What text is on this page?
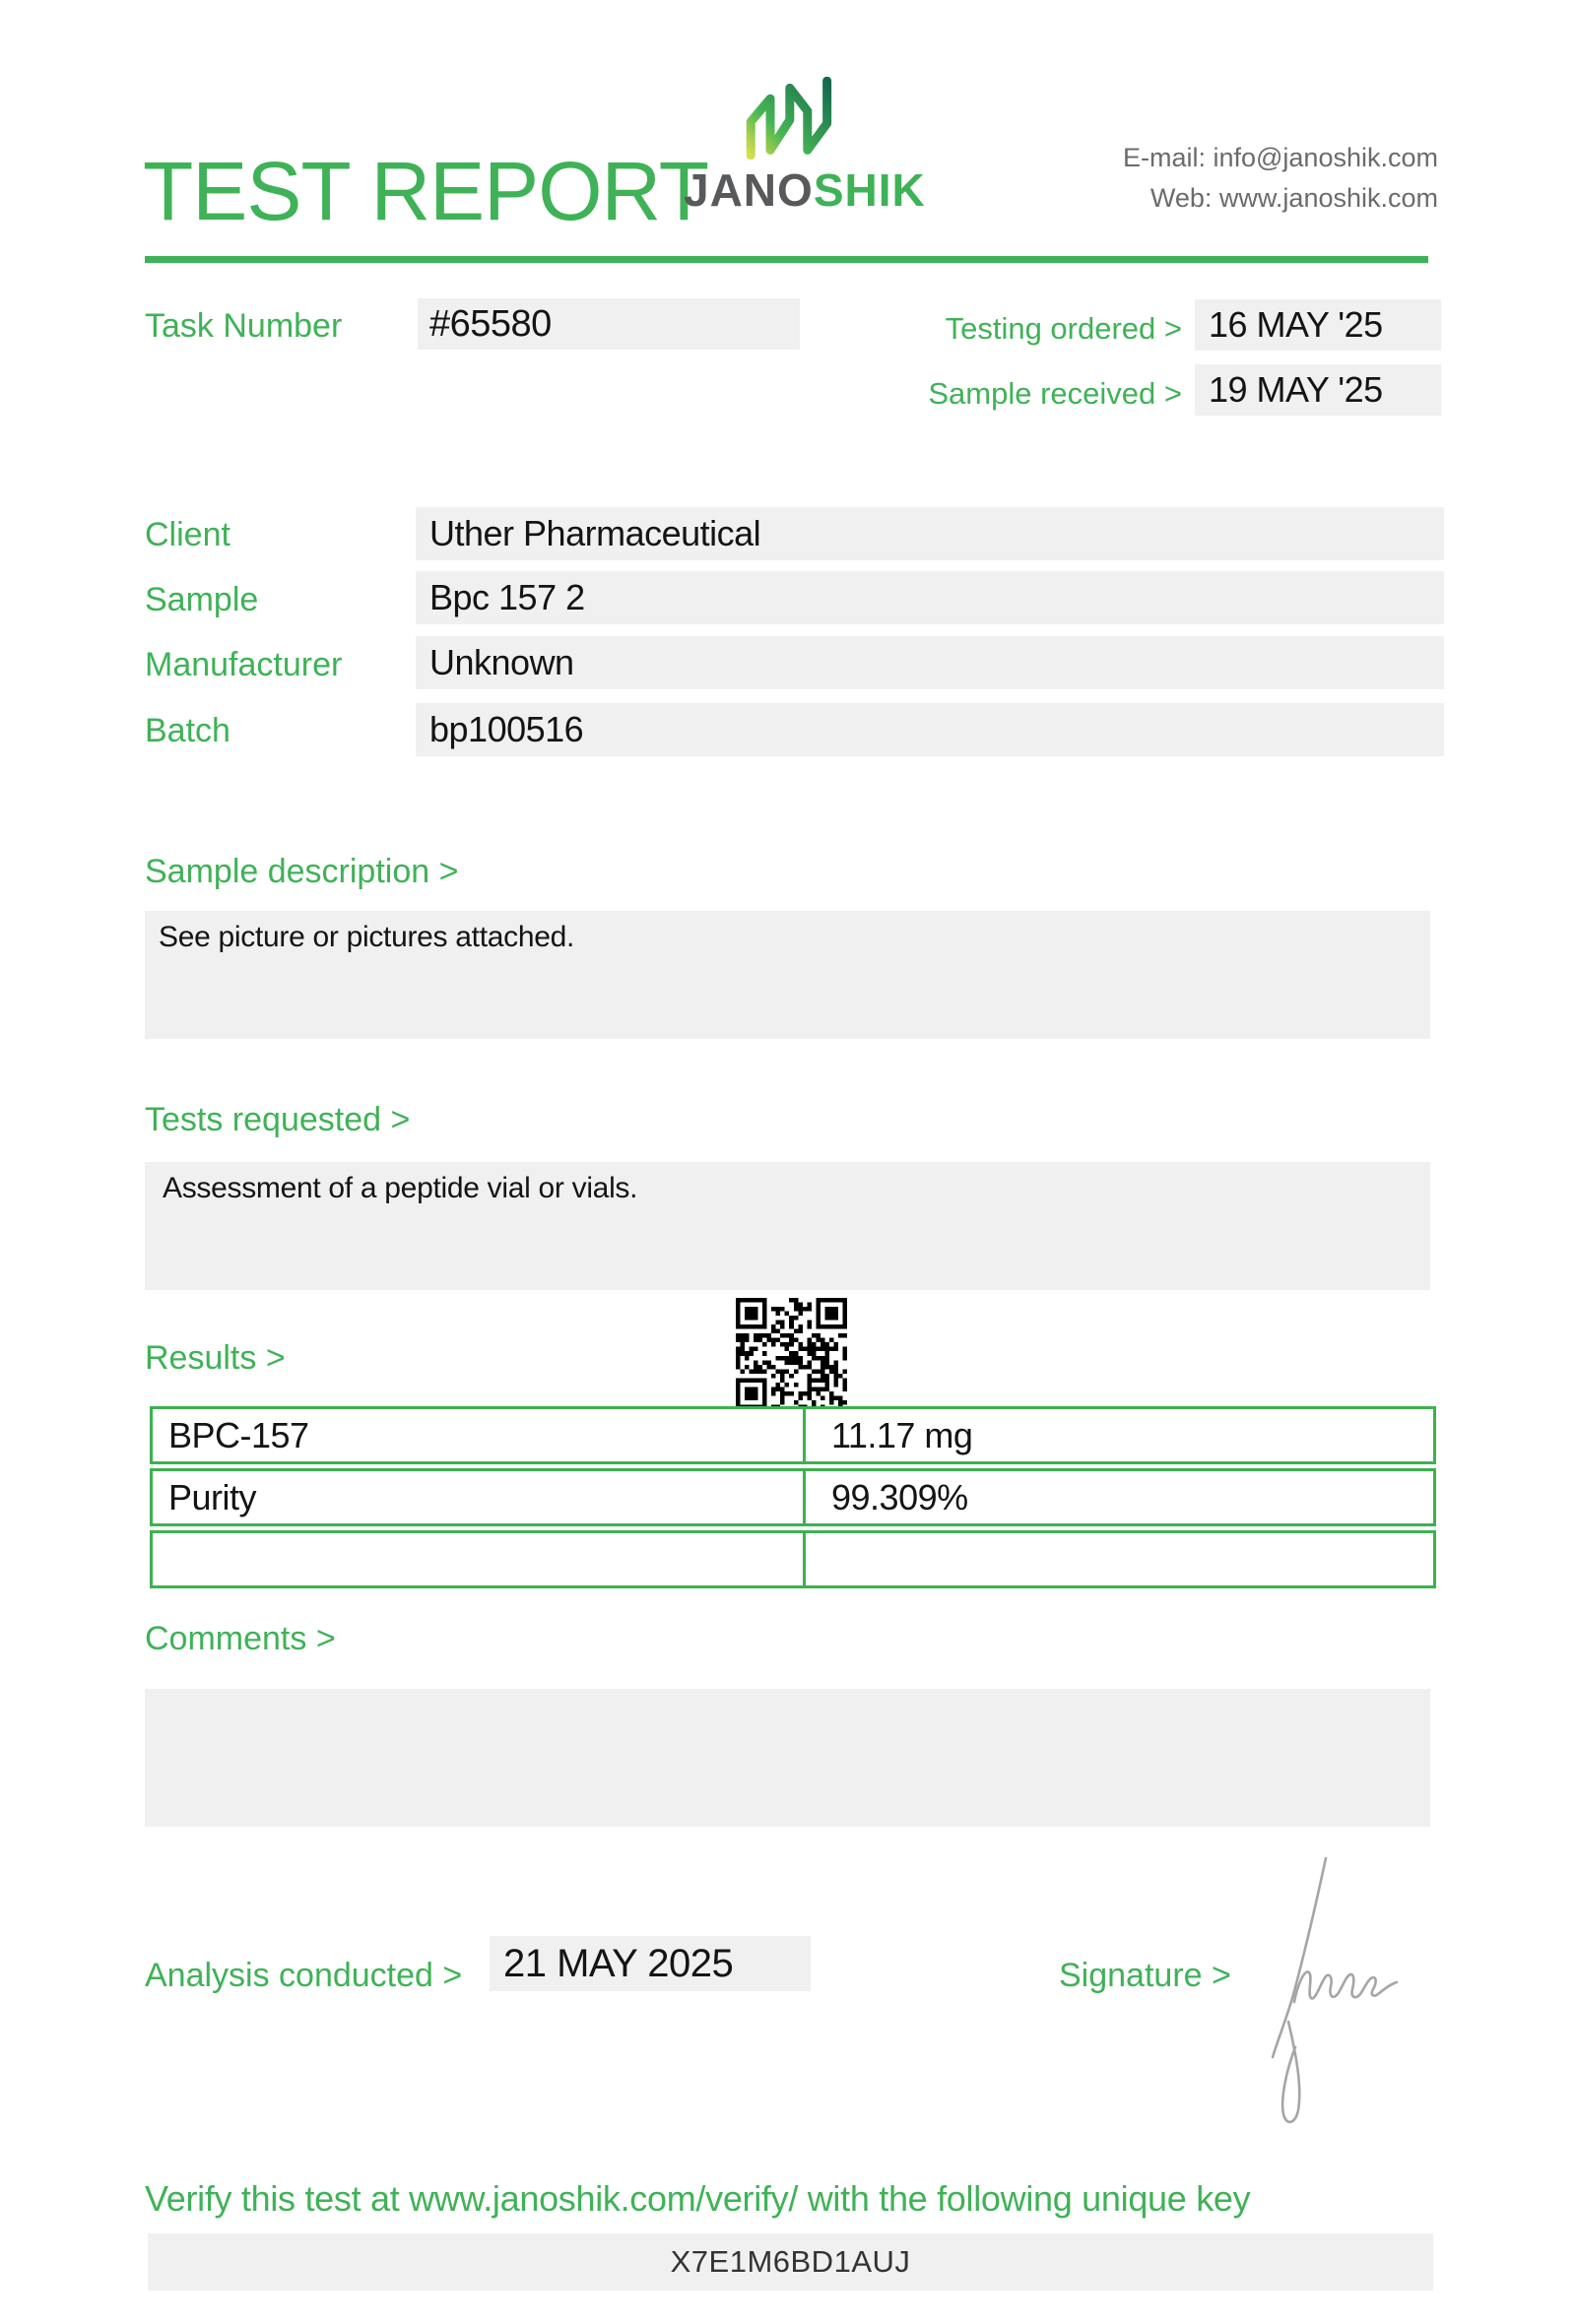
TEST REPORT
JANOSHIK
E-mail: info@janoshik.com
Web: www.janoshik.com
Task Number	#65580	Testing ordered > 16 MAY '25
Sample received > 19 MAY '25
Client	Uther Pharmaceutical
Sample	Bpc 157 2
Manufacturer	Unknown
Batch	bp100516
Sample description >
See picture or pictures attached.
Tests requested >
Assessment of a peptide vial or vials.
Results >
BPC-157	11.17 mg
Purity	99.309%
Comments >
Analysis conducted >	21 MAY 2025	Signature >
Verify this test at www.janoshik.com/verify/ with the following unique key
X7E1M6BD1AUJ
